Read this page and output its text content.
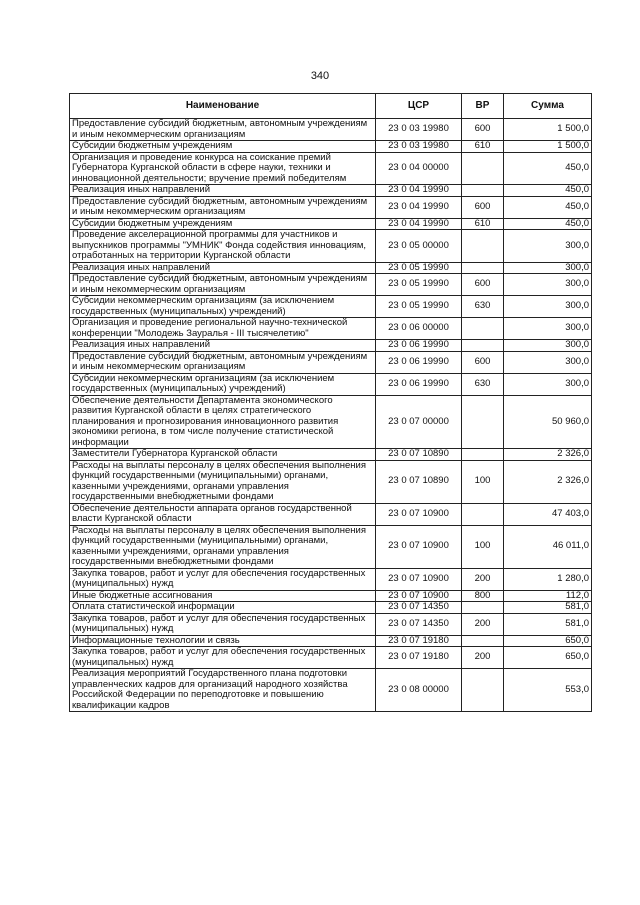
340
Наименование	ЦСР	ВР	Сумма
Предоставление субсидий бюджетным, автономным учреждениям и иным некоммерческим организациям	23 0 03 19980	600	1 500,0
Субсидии бюджетным учреждениям	23 0 03 19980	610	1 500,0
Организация и проведение конкурса на соискание премий Губернатора Курганской области в сфере науки, техники и инновационной деятельности; вручение премий победителям	23 0 04 00000		450,0
Реализация иных направлений	23 0 04 19990		450,0
Предоставление субсидий бюджетным, автономным учреждениям и иным некоммерческим организациям	23 0 04 19990	600	450,0
Субсидии бюджетным учреждениям	23 0 04 19990	610	450,0
Проведение акселерационной программы для участников и выпускников программы "УМНИК" Фонда содействия инновациям, отработанных на территории Курганской области	23 0 05 00000		300,0
Реализация иных направлений	23 0 05 19990		300,0
Предоставление субсидий бюджетным, автономным учреждениям и иным некоммерческим организациям	23 0 05 19990	600	300,0
Субсидии некоммерческим организациям (за исключением государственных (муниципальных) учреждений)	23 0 05 19990	630	300,0
Организация и проведение региональной научно-технической конференции "Молодежь Зауралья - III тысячелетию"	23 0 06 00000		300,0
Реализация иных направлений	23 0 06 19990		300,0
Предоставление субсидий бюджетным, автономным учреждениям и иным некоммерческим организациям	23 0 06 19990	600	300,0
Субсидии некоммерческим организациям (за исключением государственных (муниципальных) учреждений)	23 0 06 19990	630	300,0
Обеспечение деятельности Департамента экономического развития Курганской области в целях стратегического планирования и прогнозирования инновационного развития экономики региона, в том числе получение статистической информации	23 0 07 00000		50 960,0
Заместители Губернатора Курганской области	23 0 07 10890		2 326,0
Расходы на выплаты персоналу в целях обеспечения выполнения функций государственными (муниципальными) органами, казенными учреждениями, органами управления государственными внебюджетными фондами	23 0 07 10890	100	2 326,0
Обеспечение деятельности аппарата органов государственной власти Курганской области	23 0 07 10900		47 403,0
Расходы на выплаты персоналу в целях обеспечения выполнения функций государственными (муниципальными) органами, казенными учреждениями, органами управления государственными внебюджетными фондами	23 0 07 10900	100	46 011,0
Закупка товаров, работ и услуг для обеспечения государственных (муниципальных) нужд	23 0 07 10900	200	1 280,0
Иные бюджетные ассигнования	23 0 07 10900	800	112,0
Оплата статистической информации	23 0 07 14350		581,0
Закупка товаров, работ и услуг для обеспечения государственных (муниципальных) нужд	23 0 07 14350	200	581,0
Информационные технологии и связь	23 0 07 19180		650,0
Закупка товаров, работ и услуг для обеспечения государственных (муниципальных) нужд	23 0 07 19180	200	650,0
Реализация мероприятий Государственного плана подготовки управленческих кадров для организаций народного хозяйства Российской Федерации по переподготовке и повышению квалификации кадров	23 0 08 00000		553,0
